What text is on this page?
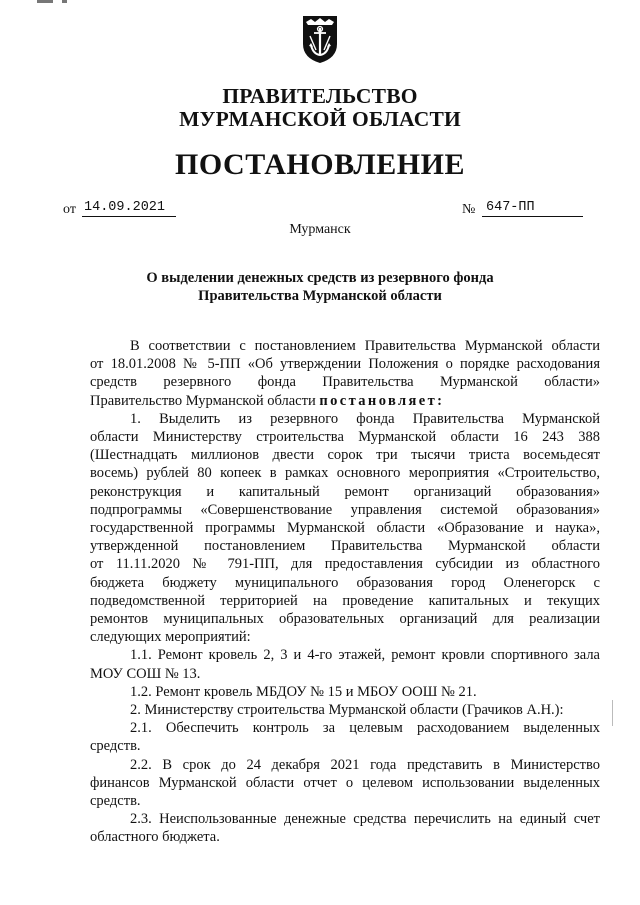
ПРАВИТЕЛЬСТВО
МУРМАНСКОЙ ОБЛАСТИ
ПОСТАНОВЛЕНИЕ
от 14.09.2021	№ 647-ПП
Мурманск
О выделении денежных средств из резервного фонда
Правительства Мурманской области

В соответствии с постановлением Правительства Мурманской области

от 18.01.2008 № 5-ПП «Об утверждении Положения о порядке расходования

средств резервного фонда Правительства Мурманской области»

Правительство Мурманской области постановляет:

1. Выделить из резервного фонда Правительства Мурманской

области Министерству строительства Мурманской области 16 243 388

(Шестнадцать миллионов двести сорок три тысячи триста восемьдесят

восемь) рублей 80 копеек в рамках основного мероприятия «Строительство,

реконструкция и капитальный ремонт организаций образования»

подпрограммы «Совершенствование управления системой образования»

государственной программы Мурманской области «Образование и наука»,

утвержденной постановлением Правительства Мурманской области

от 11.11.2020 № 791-ПП, для предоставления субсидии из областного

бюджета бюджету муниципального образования город Оленегорск с

подведомственной территорией на проведение капитальных и текущих

ремонтов муниципальных образовательных организаций для реализации

следующих мероприятий:

1.1. Ремонт кровель 2, 3 и 4-го этажей, ремонт кровли спортивного зала

МОУ СОШ № 13.

1.2. Ремонт кровель МБДОУ № 15 и МБОУ ООШ № 21.

2. Министерству строительства Мурманской области (Грачиков А.Н.):

2.1. Обеспечить контроль за целевым расходованием выделенных

средств.

2.2. В срок до 24 декабря 2021 года представить в Министерство

финансов Мурманской области отчет о целевом использовании выделенных

средств.

2.3. Неиспользованные денежные средства перечислить на единый счет

областного бюджета.
